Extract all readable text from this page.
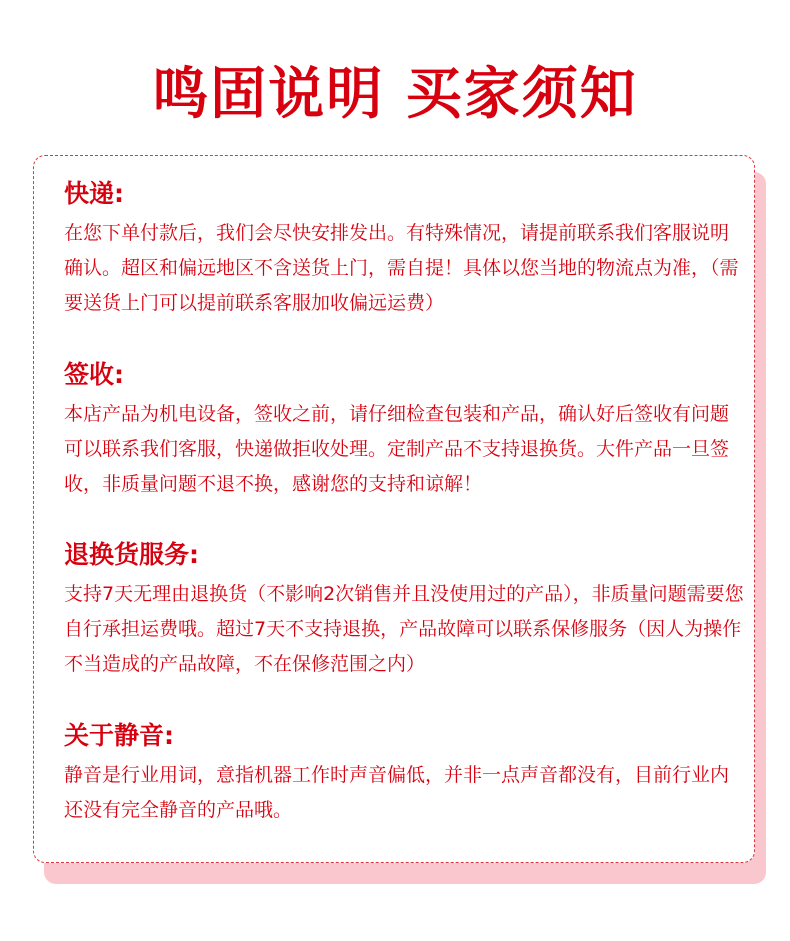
鸣固说明 买家须知
快递:
在您下单付款后，我们会尽快安排发出。有特殊情况，请提前联系我们客服说明确认。超区和偏远地区不含送货上门，需自提！具体以您当地的物流点为准，（需要送货上门可以提前联系客服加收偏远运费）
签收:
本店产品为机电设备，签收之前，请仔细检查包装和产品，确认好后签收有问题可以联系我们客服，快递做拒收处理。定制产品不支持退换货。大件产品一旦签收，非质量问题不退不换，感谢您的支持和谅解！
退换货服务:
支持7天无理由退换货（不影响2次销售并且没使用过的产品），非质量问题需要您自行承担运费哦。超过7天不支持退换，产品故障可以联系保修服务（因人为操作不当造成的产品故障，不在保修范围之内）
关于静音:
静音是行业用词，意指机器工作时声音偏低，并非一点声音都没有，目前行业内还没有完全静音的产品哦。
